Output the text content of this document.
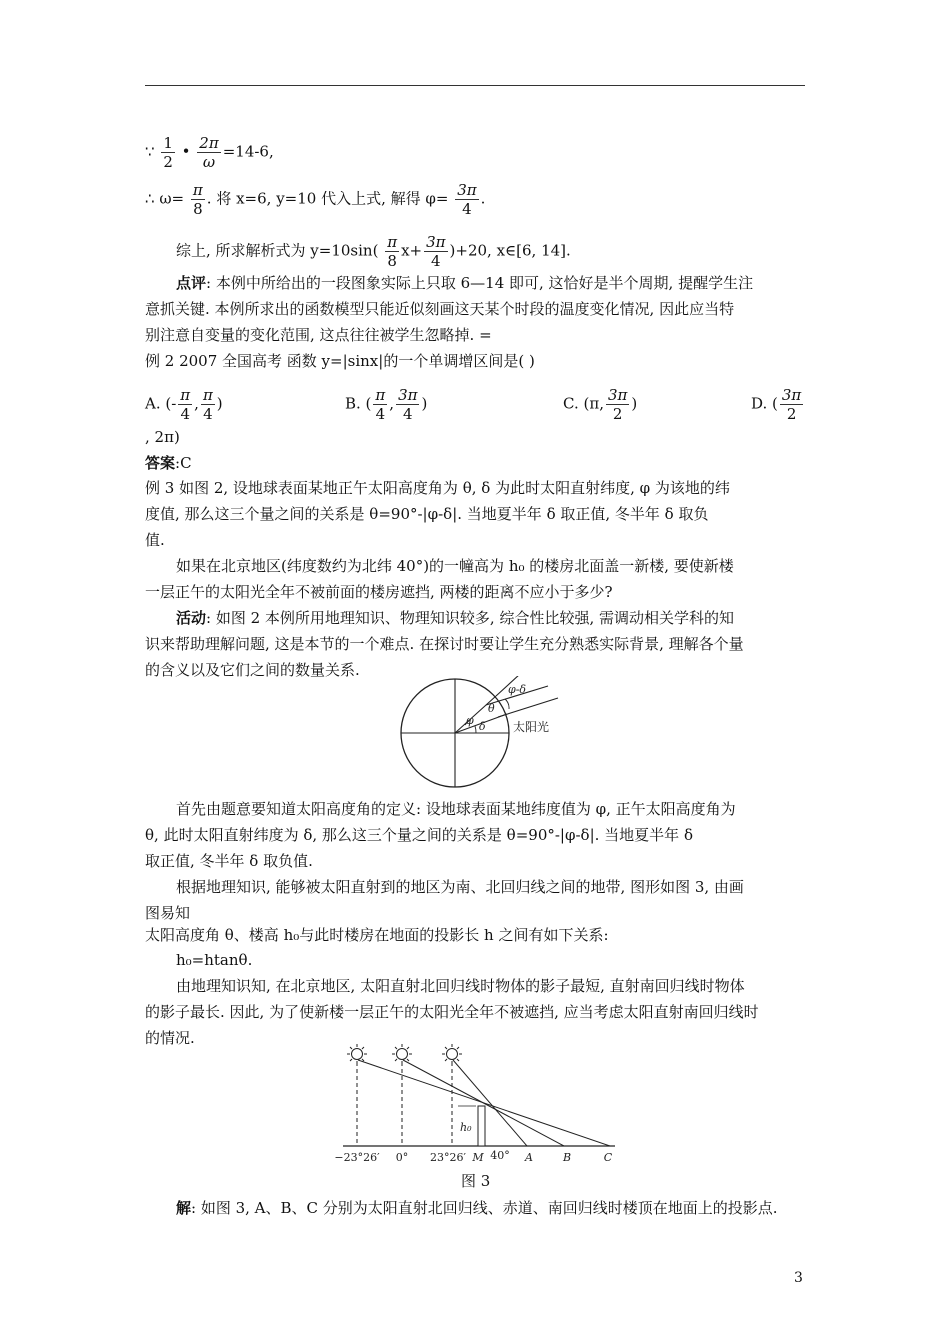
∵ $\frac{1}{2}$ • $\frac{2\pi}{\omega} =14-6$,
∴ $\omega= \frac{\pi}{8}$ . 将 x=6, y=10 代入上式, 解得 $\varphi= \frac{3\pi}{4}$ .
综上, 所求解析式为 $y=10\sin( \frac{\pi}{8} x+ \frac{3\pi}{4} )+20$, x∈[6, 14].
点评: 本例中所给出的一段图象实际上只取 6—14 即可, 这恰好是半个周期, 提醒学生注
意抓关键. 本例所求出的函数模型只能近似刻画这天某个时段的温度变化情况, 因此应当特
别注意自变量的变化范围, 这点往往被学生忽略掉. =
例 2 2007 全国高考 函数 y=|sinx|的一个单调增区间是( )
A. (- $\frac{\pi}{4}$ , $\frac{\pi}{4}$ )	B. ( $\frac{\pi}{4}$ , $\frac{3\pi}{4}$ )	C. (π, $\frac{3\pi}{2}$ )	D. ( $\frac{3\pi}{2}$
, 2π)
答案:C
例 3 如图 2, 设地球表面某地正午太阳高度角为 θ, δ 为此时太阳直射纬度, φ 为该地的纬
度值, 那么这三个量之间的关系是 θ=90°-|φ-δ|. 当地夏半年 δ 取正值, 冬半年 δ 取负
值.
如果在北京地区(纬度数约为北纬 40°)的一幢高为 h₀ 的楼房北面盖一新楼, 要使新楼
一层正午的太阳光全年不被前面的楼房遮挡, 两楼的距离不应小于多少?
活动: 如图 2 本例所用地理知识、物理知识较多, 综合性比较强, 需调动相关学科的知
识来帮助理解问题, 这是本节的一个难点. 在探讨时要让学生充分熟悉实际背景, 理解各个量
的含义以及它们之间的数量关系.
φ-δ
θ
φ δ 太阳光
首先由题意要知道太阳高度角的定义: 设地球表面某地纬度值为 φ, 正午太阳高度角为
θ, 此时太阳直射纬度为 δ, 那么这三个量之间的关系是 θ=90°-|φ-δ|. 当地夏半年 δ
取正值, 冬半年 δ 取负值.
根据地理知识, 能够被太阳直射到的地区为南、北回归线之间的地带, 图形如图 3, 由画
图易知
太阳高度角 θ、楼高 h₀与此时楼房在地面的投影长 h 之间有如下关系:
h₀=htanθ.
由地理知识知, 在北京地区, 太阳直射北回归线时物体的影子最短, 直射南回归线时物体
的影子最长. 因此, 为了使新楼一层正午的太阳光全年不被遮挡, 应当考虑太阳直射南回归线时
的情况.
h₀
−23°26′ 0° 23°26′ M 40° A	B	C
图 3
解: 如图 3, A、B、C 分别为太阳直射北回归线、赤道、南回归线时楼顶在地面上的投影点.
3
